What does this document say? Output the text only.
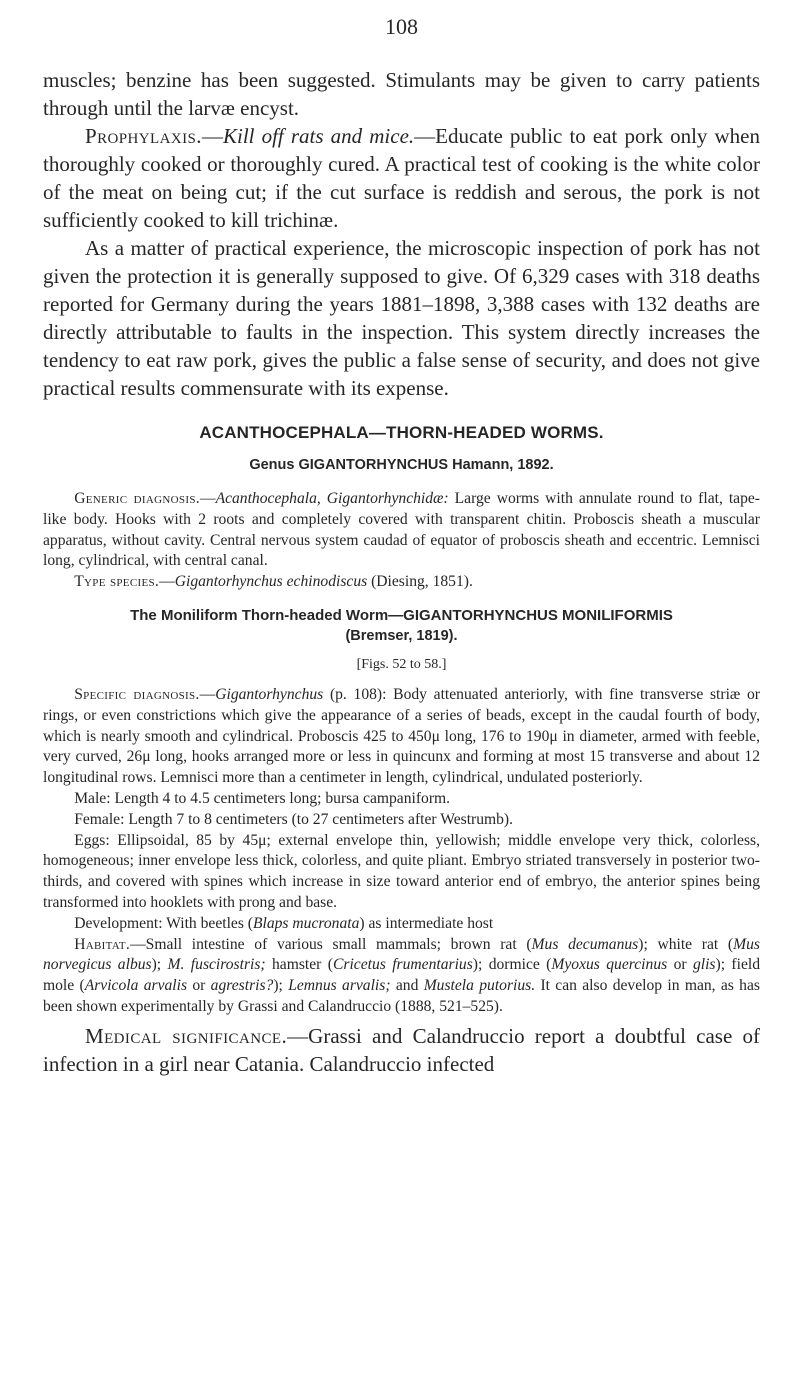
108

muscles; benzine has been suggested. Stimulants may be given to carry patients through until the larvæ encyst.

Prophylaxis.—Kill off rats and mice.—Educate public to eat pork only when thoroughly cooked or thoroughly cured. A practical test of cooking is the white color of the meat on being cut; if the cut surface is reddish and serous, the pork is not sufficiently cooked to kill trichinæ.

As a matter of practical experience, the microscopic inspection of pork has not given the protection it is generally supposed to give. Of 6,329 cases with 318 deaths reported for Germany during the years 1881–1898, 3,388 cases with 132 deaths are directly attributable to faults in the inspection. This system directly increases the tendency to eat raw pork, gives the public a false sense of security, and does not give practical results commensurate with its expense.

ACANTHOCEPHALA—THORN-HEADED WORMS.
Genus GIGANTORHYNCHUS Hamann, 1892.

Generic diagnosis.—Acanthocephala, Gigantorhynchidæ: Large worms with annulate round to flat, tape-like body. Hooks with 2 roots and completely covered with transparent chitin. Proboscis sheath a muscular apparatus, without cavity. Central nervous system caudad of equator of proboscis sheath and eccentric. Lemnisci long, cylindrical, with central canal.

Type species.—Gigantorhynchus echinodiscus (Diesing, 1851).

The Moniliform Thorn-headed Worm—GIGANTORHYNCHUS MONILIFORMIS
(Bremser, 1819).
[Figs. 52 to 58.]

Specific diagnosis.—Gigantorhynchus (p. 108): Body attenuated anteriorly, with fine transverse striæ or rings, or even constrictions which give the appearance of a series of beads, except in the caudal fourth of body, which is nearly smooth and cylindrical. Proboscis 425 to 450μ long, 176 to 190μ in diameter, armed with feeble, very curved, 26μ long, hooks arranged more or less in quincunx and forming at most 15 transverse and about 12 longitudinal rows. Lemnisci more than a centimeter in length, cylindrical, undulated posteriorly.

Male: Length 4 to 4.5 centimeters long; bursa campaniform.

Female: Length 7 to 8 centimeters (to 27 centimeters after Westrumb).

Eggs: Ellipsoidal, 85 by 45μ; external envelope thin, yellowish; middle envelope very thick, colorless, homogeneous; inner envelope less thick, colorless, and quite pliant. Embryo striated transversely in posterior two-thirds, and covered with spines which increase in size toward anterior end of embryo, the anterior spines being transformed into hooklets with prong and base.

Development: With beetles (Blaps mucronata) as intermediate host

Habitat.—Small intestine of various small mammals; brown rat (Mus decumanus); white rat (Mus norvegicus albus); M. fuscirostris; hamster (Cricetus frumentarius); dormice (Myoxus quercinus or glis); field mole (Arvicola arvalis or agrestris?); Lemnus arvalis; and Mustela putorius. It can also develop in man, as has been shown experimentally by Grassi and Calandruccio (1888, 521–525).

Medical significance.—Grassi and Calandruccio report a doubtful case of infection in a girl near Catania. Calandruccio infected
